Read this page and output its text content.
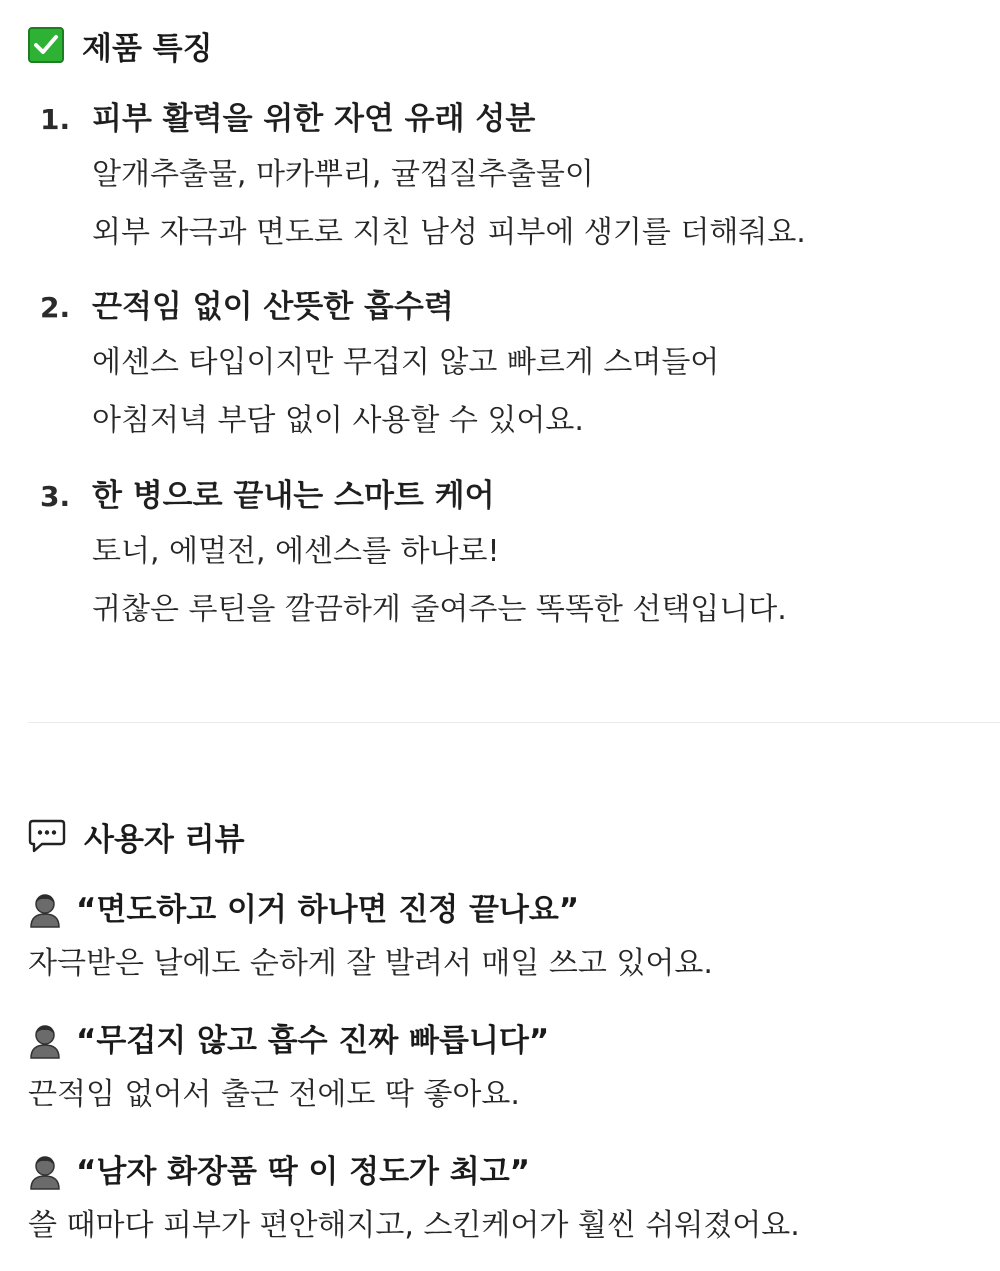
제품 특징
1. 피부 활력을 위한 자연 유래 성분
알개추출물, 마카뿌리, 귤껍질추출물이
외부 자극과 면도로 지친 남성 피부에 생기를 더해줘요.
2. 끈적임 없이 산뜻한 흡수력
에센스 타입이지만 무겁지 않고 빠르게 스며들어
아침저녁 부담 없이 사용할 수 있어요.
3. 한 병으로 끝내는 스마트 케어
토너, 에멀전, 에센스를 하나로!
귀찮은 루틴을 깔끔하게 줄여주는 똑똑한 선택입니다.
사용자 리뷰
“면도하고 이거 하나면 진정 끝나요”
자극받은 날에도 순하게 잘 발려서 매일 쓰고 있어요.
“무겁지 않고 흡수 진짜 빠릅니다”
끈적임 없어서 출근 전에도 딱 좋아요.
“남자 화장품 딱 이 정도가 최고”
쓸 때마다 피부가 편안해지고, 스킨케어가 훨씬 쉬워졌어요.
